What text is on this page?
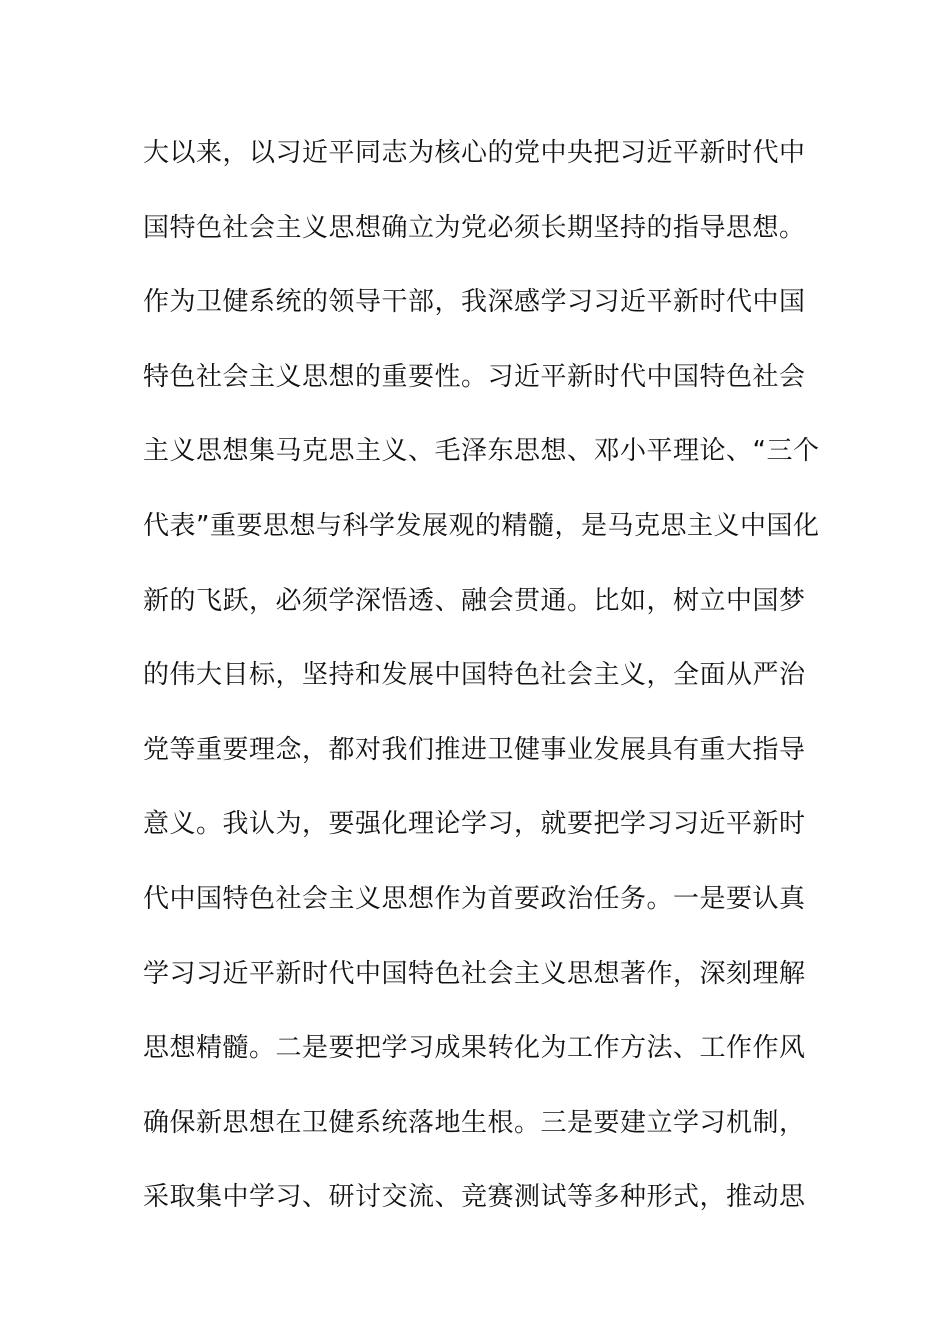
大以来，以习近平同志为核心的党中央把习近平新时代中
国特色社会主义思想确立为党必须长期坚持的指导思想。
作为卫健系统的领导干部，我深感学习习近平新时代中国
特色社会主义思想的重要性。习近平新时代中国特色社会
主义思想集马克思主义、毛泽东思想、邓小平理论、“三个
代表”重要思想与科学发展观的精髓，是马克思主义中国化
新的飞跃，必须学深悟透、融会贯通。比如，树立中国梦
的伟大目标，坚持和发展中国特色社会主义，全面从严治
党等重要理念，都对我们推进卫健事业发展具有重大指导
意义。我认为，要强化理论学习，就要把学习习近平新时
代中国特色社会主义思想作为首要政治任务。一是要认真
学习习近平新时代中国特色社会主义思想著作，深刻理解
思想精髓。二是要把学习成果转化为工作方法、工作作风
确保新思想在卫健系统落地生根。三是要建立学习机制，
采取集中学习、研讨交流、竞赛测试等多种形式，推动思
